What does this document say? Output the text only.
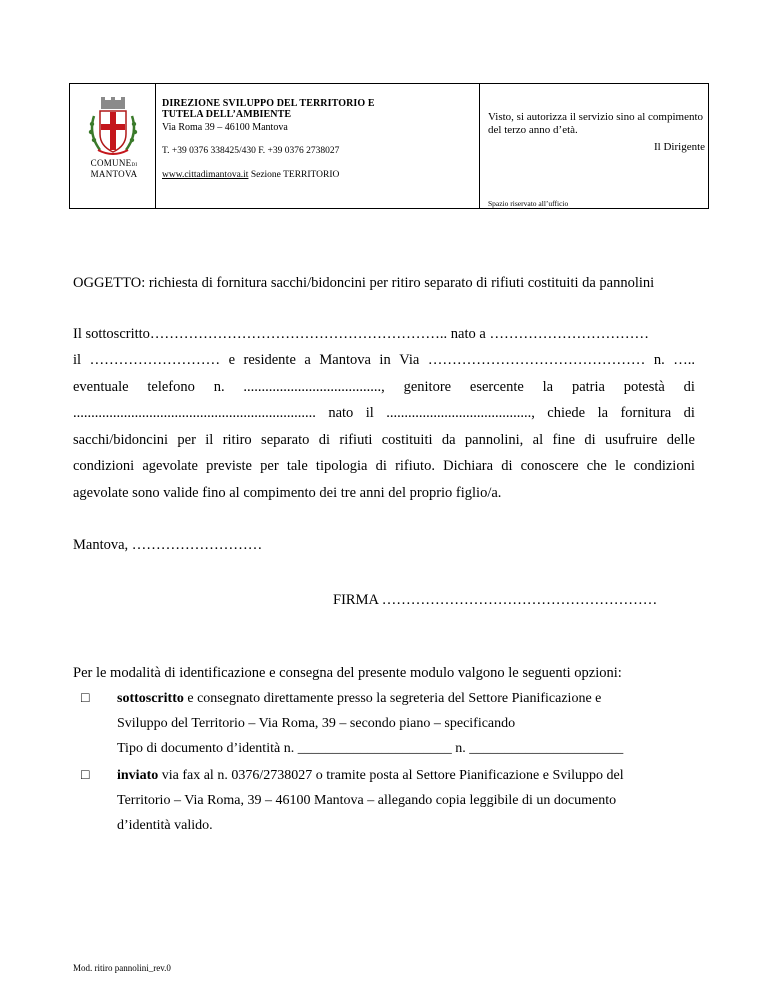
COMUNEDI
MANTOVA
DIREZIONE SVILUPPO DEL TERRITORIO E
TUTELA DELL’AMBIENTE
Via Roma 39 – 46100 Mantova
T. +39 0376 338425/430 F. +39 0376 2738027
www.cittadimantova.it Sezione TERRITORIO
Visto, si autorizza il servizio sino al compimento del terzo anno d’età.
Il Dirigente
Spazio riservato all’ufficio
OGGETTO: richiesta di fornitura sacchi/bidoncini per ritiro separato di rifiuti costituiti da pannolini
Il sottoscritto…………………………………………………….. nato a ……………………………
il ……………………… e residente a Mantova in Via ……………………………………… n. …..
eventuale telefono n. ......................................, genitore esercente la patria potestà di
................................................................... nato il ........................................, chiede la fornitura di
sacchi/bidoncini per il ritiro separato di rifiuti costituiti da pannolini, al fine di usufruire delle
condizioni agevolate previste per tale tipologia di rifiuto. Dichiara di conoscere che le condizioni
agevolate sono valide fino al compimento dei tre anni del proprio figlio/a.
Mantova, ………………………
FIRMA …………………………………………………
Per le modalità di identificazione e consegna del presente modulo valgono le seguenti opzioni:
□ sottoscritto e consegnato direttamente presso la segreteria del Settore Pianificazione e
Sviluppo del Territorio – Via Roma, 39 – secondo piano – specificando
Tipo di documento d’identità n. ______________________ n. ______________________
□ inviato via fax al n. 0376/2738027 o tramite posta al Settore Pianificazione e Sviluppo del
Territorio – Via Roma, 39 – 46100 Mantova – allegando copia leggibile di un documento
d’identità valido.
Mod. ritiro pannolini_rev.0
